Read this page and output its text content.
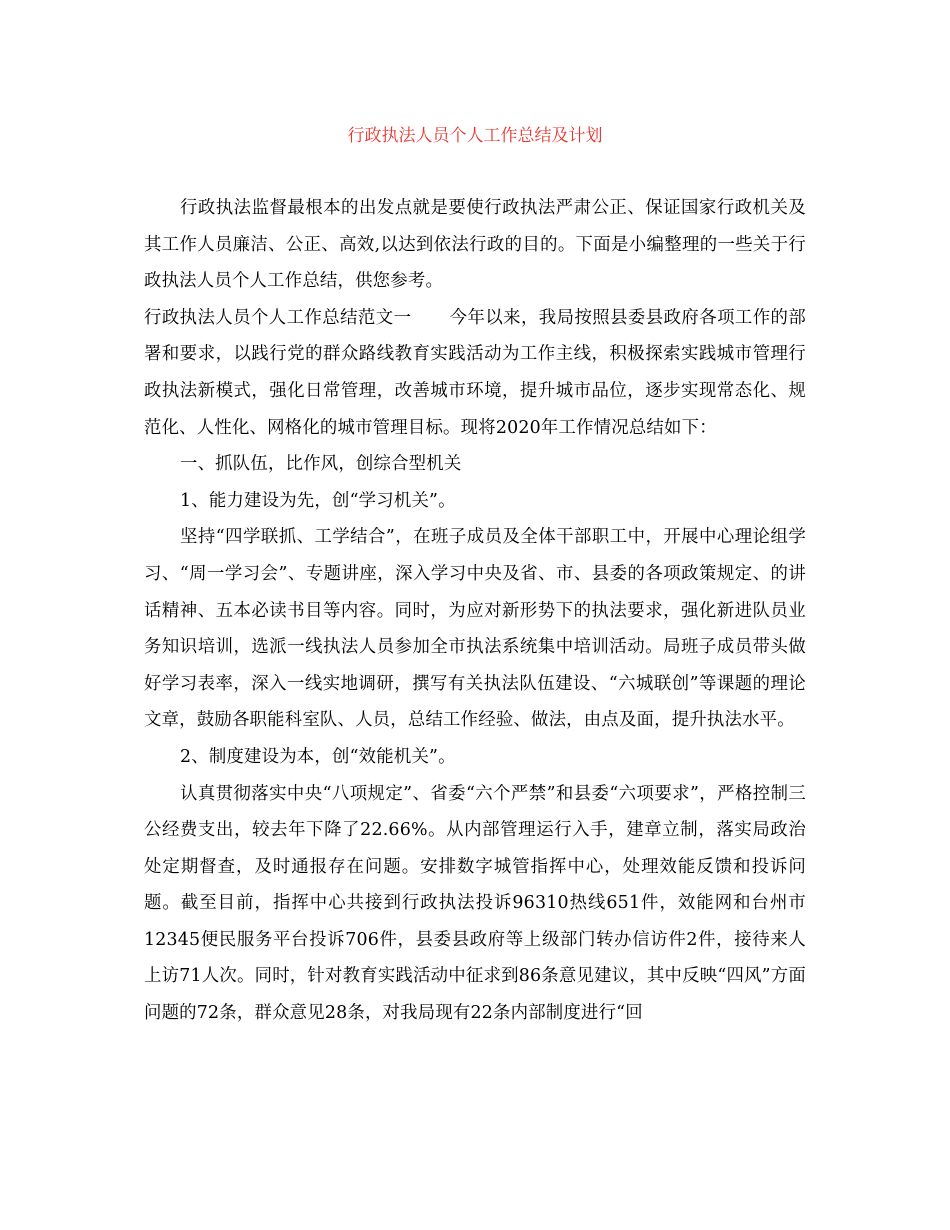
行政执法人员个人工作总结及计划

行政执法监督最根本的出发点就是要使行政执法严肃公正、保证国家行政机关及其工作人员廉洁、公正、高效,以达到依法行政的目的。下面是小编整理的一些关于行政执法人员个人工作总结，供您参考。

行政执法人员个人工作总结范文一 今年以来，我局按照县委县政府各项工作的部署和要求，以践行党的群众路线教育实践活动为工作主线，积极探索实践城市管理行政执法新模式，强化日常管理，改善城市环境，提升城市品位，逐步实现常态化、规范化、人性化、网格化的城市管理目标。现将2020年工作情况总结如下：

一、抓队伍，比作风，创综合型机关

1、能力建设为先，创“学习机关”。

坚持“四学联抓、工学结合”，在班子成员及全体干部职工中，开展中心理论组学习、“周一学习会”、专题讲座，深入学习中央及省、市、县委的各项政策规定、的讲话精神、五本必读书目等内容。同时，为应对新形势下的执法要求，强化新进队员业务知识培训，选派一线执法人员参加全市执法系统集中培训活动。局班子成员带头做好学习表率，深入一线实地调研，撰写有关执法队伍建设、“六城联创”等课题的理论文章，鼓励各职能科室队、人员，总结工作经验、做法，由点及面，提升执法水平。

2、制度建设为本，创“效能机关”。

认真贯彻落实中央“八项规定”、省委“六个严禁”和县委“六项要求”，严格控制三公经费支出，较去年下降了22.66%。从内部管理运行入手，建章立制，落实局政治处定期督查，及时通报存在问题。安排数字城管指挥中心，处理效能反馈和投诉问题。截至目前，指挥中心共接到行政执法投诉96310热线651件，效能网和台州市12345便民服务平台投诉706件，县委县政府等上级部门转办信访件2件，接待来人上访71人次。同时，针对教育实践活动中征求到86条意见建议，其中反映“四风”方面问题的72条，群众意见28条，对我局现有22条内部制度进行“回
